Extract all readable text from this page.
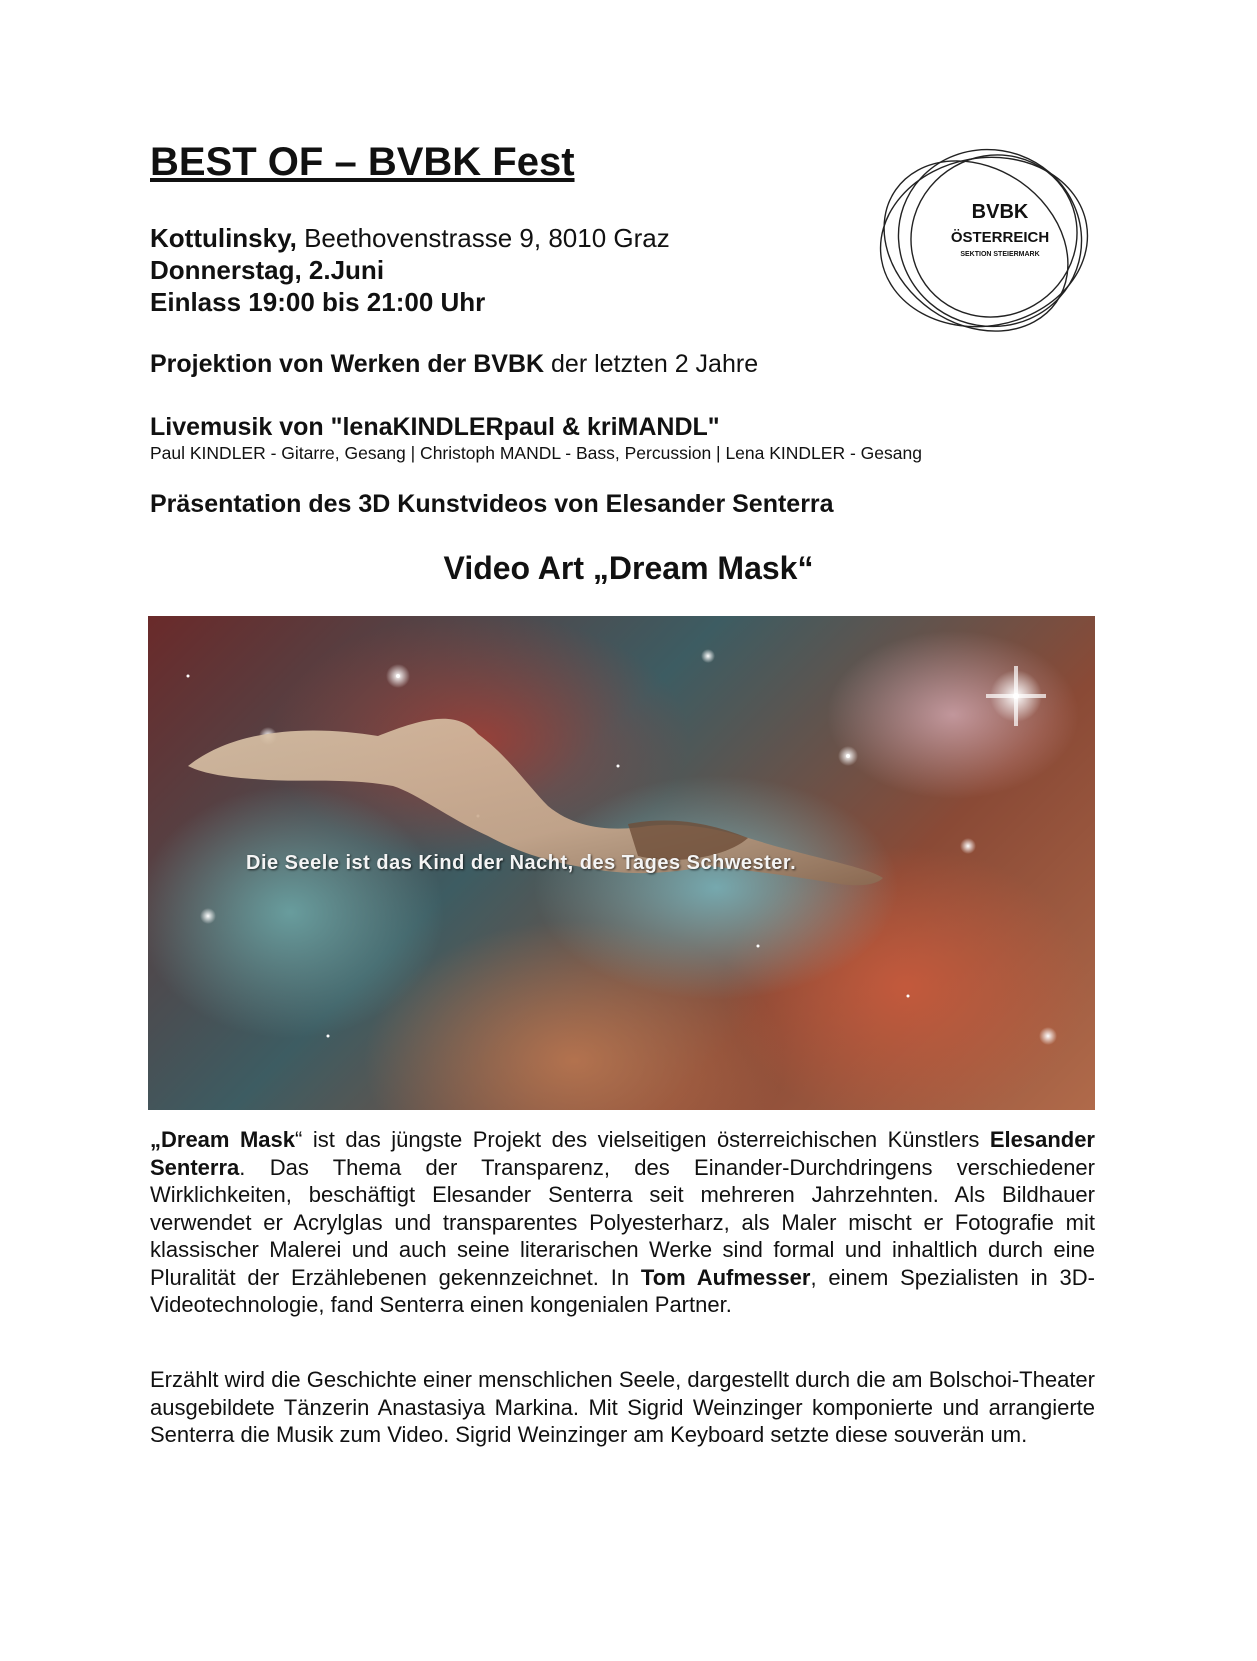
BEST OF – BVBK Fest
BVBK
ÖSTERREICH
SEKTION STEIERMARK
Kottulinsky, Beethovenstrasse 9, 8010 Graz
Donnerstag, 2.Juni
Einlass 19:00 bis 21:00 Uhr
Projektion von Werken der BVBK der letzten 2 Jahre
Livemusik von "lenaKINDLERpaul & kriMANDL"
Paul KINDLER - Gitarre, Gesang | Christoph MANDL - Bass, Percussion | Lena KINDLER - Gesang
Präsentation des 3D Kunstvideos von Elesander Senterra
Video Art „Dream Mask“
Die Seele ist das Kind der Nacht, des Tages Schwester.

„Dream Mask“ ist das jüngste Projekt des vielseitigen österreichischen Künstlers Elesander Senterra. Das Thema der Transparenz, des Einander-Durchdringens verschiedener Wirklichkeiten, beschäftigt Elesander Senterra seit mehreren Jahrzehnten. Als Bildhauer verwendet er Acrylglas und transparentes Polyesterharz, als Maler mischt er Fotografie mit klassischer Malerei und auch seine literarischen Werke sind formal und inhaltlich durch eine Pluralität der Erzählebenen gekennzeichnet. In Tom Aufmesser, einem Spezialisten in 3D-Videotechnologie, fand Senterra einen kongenialen Partner.

Erzählt wird die Geschichte einer menschlichen Seele, dargestellt durch die am Bolschoi-Theater ausgebildete Tänzerin Anastasiya Markina. Mit Sigrid Weinzinger komponierte und arrangierte Senterra die Musik zum Video. Sigrid Weinzinger am Keyboard setzte diese souverän um.
